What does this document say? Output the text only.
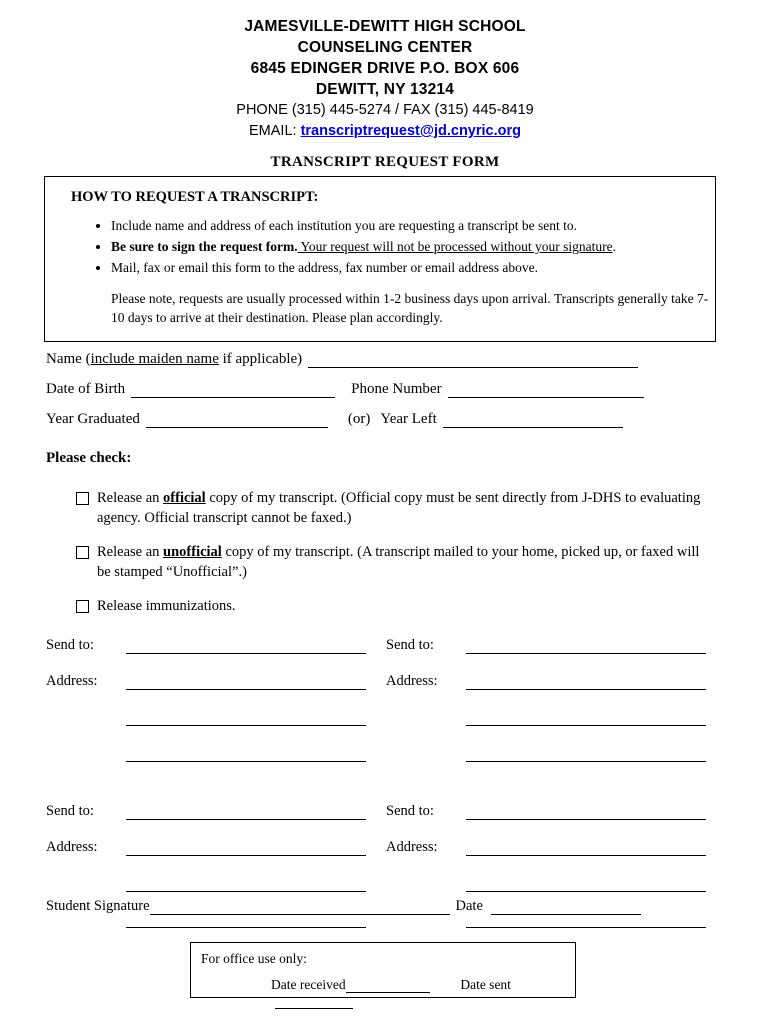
JAMESVILLE-DEWITT HIGH SCHOOL
COUNSELING CENTER
6845 EDINGER DRIVE P.O. BOX 606
DEWITT, NY 13214
PHONE (315) 445-5274 / FAX (315) 445-8419
EMAIL: transcriptrequest@jd.cnyric.org
TRANSCRIPT REQUEST FORM
HOW TO REQUEST A TRANSCRIPT:
• Include name and address of each institution you are requesting a transcript be sent to.
• Be sure to sign the request form. Your request will not be processed without your signature.
• Mail, fax or email this form to the address, fax number or email address above.
Please note, requests are usually processed within 1-2 business days upon arrival. Transcripts generally take 7-10 days to arrive at their destination. Please plan accordingly.
Name (include maiden name if applicable)
Date of Birth	Phone Number
Year Graduated	(or) Year Left
Please check:
Release an official copy of my transcript. (Official copy must be sent directly from J-DHS to evaluating agency. Official transcript cannot be faxed.)
Release an unofficial copy of my transcript. (A transcript mailed to your home, picked up, or faxed will be stamped “Unofficial”.)
Release immunizations.
Send to:	Send to:
Address:	Address:
Send to:	Send to:
Address:	Address:
Student Signature	Date
For office use only:
Date received	Date sent
